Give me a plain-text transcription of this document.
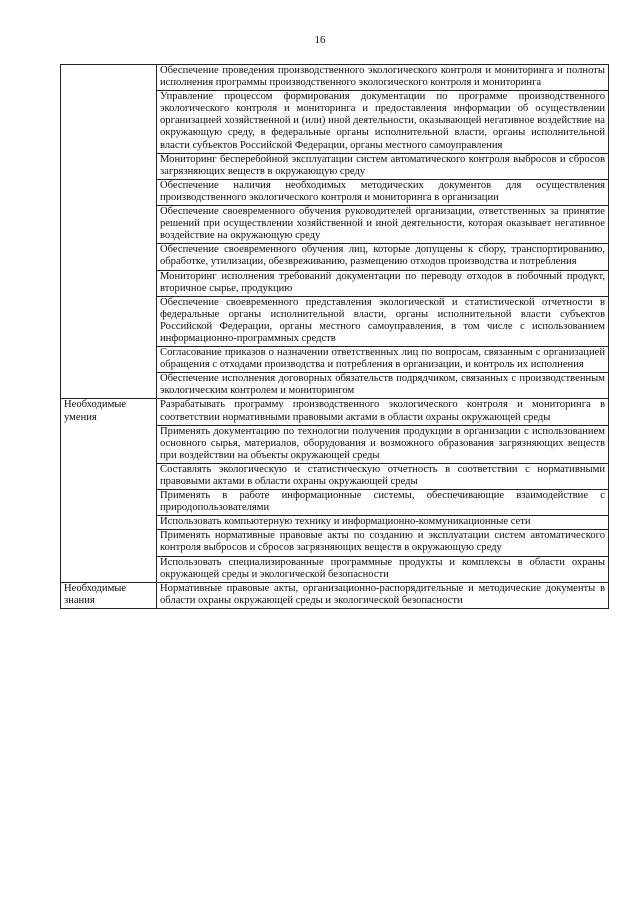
16
	Обеспечение проведения производственного экологического контроля и мониторинга и полноты исполнения программы производственного экологического контроля и мониторинга
	Управление процессом формирования документации по программе производственного экологического контроля и мониторинга и предоставления информации об осуществлении организацией хозяйственной и (или) иной деятельности, оказывающей негативное воздействие на окружающую среду, в федеральные органы исполнительной власти, органы исполнительной власти субъектов Российской Федерации, органы местного самоуправления
	Мониторинг бесперебойной эксплуатации систем автоматического контроля выбросов и сбросов загрязняющих веществ в окружающую среду
	Обеспечение наличия необходимых методических документов для осуществления производственного экологического контроля и мониторинга в организации
	Обеспечение своевременного обучения руководителей организации, ответственных за принятие решений при осуществлении хозяйственной и иной деятельности, которая оказывает негативное воздействие на окружающую среду
	Обеспечение своевременного обучения лиц, которые допущены к сбору, транспортированию, обработке, утилизации, обезвреживанию, размещению отходов производства и потребления
	Мониторинг исполнения требований документации по переводу отходов в побочный продукт, вторичное сырье, продукцию
	Обеспечение своевременного представления экологической и статистической отчетности в федеральные органы исполнительной власти, органы исполнительной власти субъектов Российской Федерации, органы местного самоуправления, в том числе с использованием информационно-программных средств
	Согласование приказов о назначении ответственных лиц по вопросам, связанным с организацией обращения с отходами производства и потребления в организации, и контроль их исполнения
	Обеспечение исполнения договорных обязательств подрядчиком, связанных с производственным экологическим контролем и мониторингом
Необходимые умения	Разрабатывать программу производственного экологического контроля и мониторинга в соответствии нормативными правовыми актами в области охраны окружающей среды
	Применять документацию по технологии получения продукции в организации с использованием основного сырья, материалов, оборудования и возможного образования загрязняющих веществ при воздействии на объекты окружающей среды
	Составлять экологическую и статистическую отчетность в соответствии с нормативными правовыми актами в области охраны окружающей среды
	Применять в работе информационные системы, обеспечивающие взаимодействие с природопользователями
	Использовать компьютерную технику и информационно-коммуникационные сети
	Применять нормативные правовые акты по созданию и эксплуатации систем автоматического контроля выбросов и сбросов загрязняющих веществ в окружающую среду
	Использовать специализированные программные продукты и комплексы в области охраны окружающей среды и экологической безопасности
Необходимые знания	Нормативные правовые акты, организационно-распорядительные и методические документы в области охраны окружающей среды и экологической безопасности
